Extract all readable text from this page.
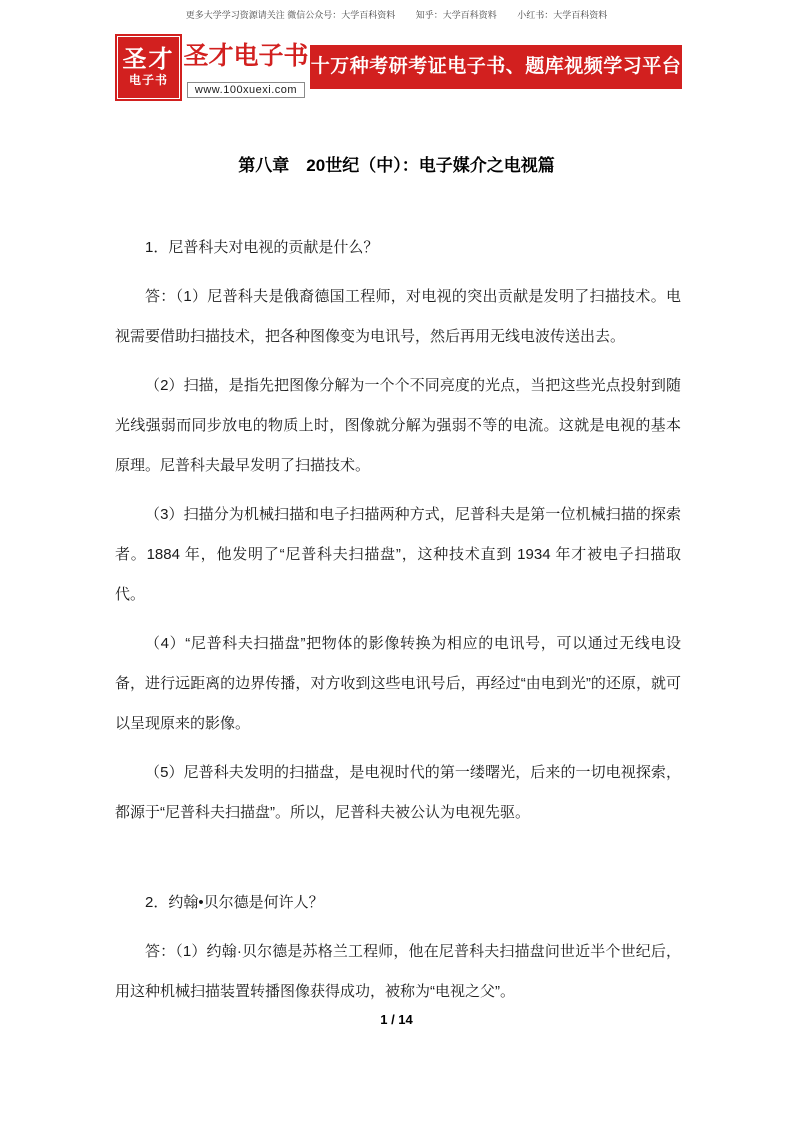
更多大学学习资源请关注 微信公众号：大学百科资料 知乎：大学百科资料 小红书：大学百科资料
圣才
电子书
圣才电子书
www.100xuexi.com
十万种考研考证电子书、题库视频学习平台
第八章　20世纪（中）：电子媒介之电视篇

1．尼普科夫对电视的贡献是什么？

答：（1）尼普科夫是俄裔德国工程师，对电视的突出贡献是发明了扫描技术。电视需要借助扫描技术，把各种图像变为电讯号，然后再用无线电波传送出去。

（2）扫描，是指先把图像分解为一个个不同亮度的光点，当把这些光点投射到随光线强弱而同步放电的物质上时，图像就分解为强弱不等的电流。这就是电视的基本原理。尼普科夫最早发明了扫描技术。

（3）扫描分为机械扫描和电子扫描两种方式，尼普科夫是第一位机械扫描的探索者。1884 年，他发明了“尼普科夫扫描盘”，这种技术直到 1934 年才被电子扫描取代。

（4）“尼普科夫扫描盘”把物体的影像转换为相应的电讯号，可以通过无线电设备，进行远距离的边界传播，对方收到这些电讯号后，再经过“由电到光”的还原，就可以呈现原来的影像。

（5）尼普科夫发明的扫描盘，是电视时代的第一缕曙光，后来的一切电视探索，都源于“尼普科夫扫描盘”。所以，尼普科夫被公认为电视先驱。

2．约翰•贝尔德是何许人？

答：（1）约翰·贝尔德是苏格兰工程师，他在尼普科夫扫描盘问世近半个世纪后，用这种机械扫描装置转播图像获得成功，被称为“电视之父”。

1 / 14
